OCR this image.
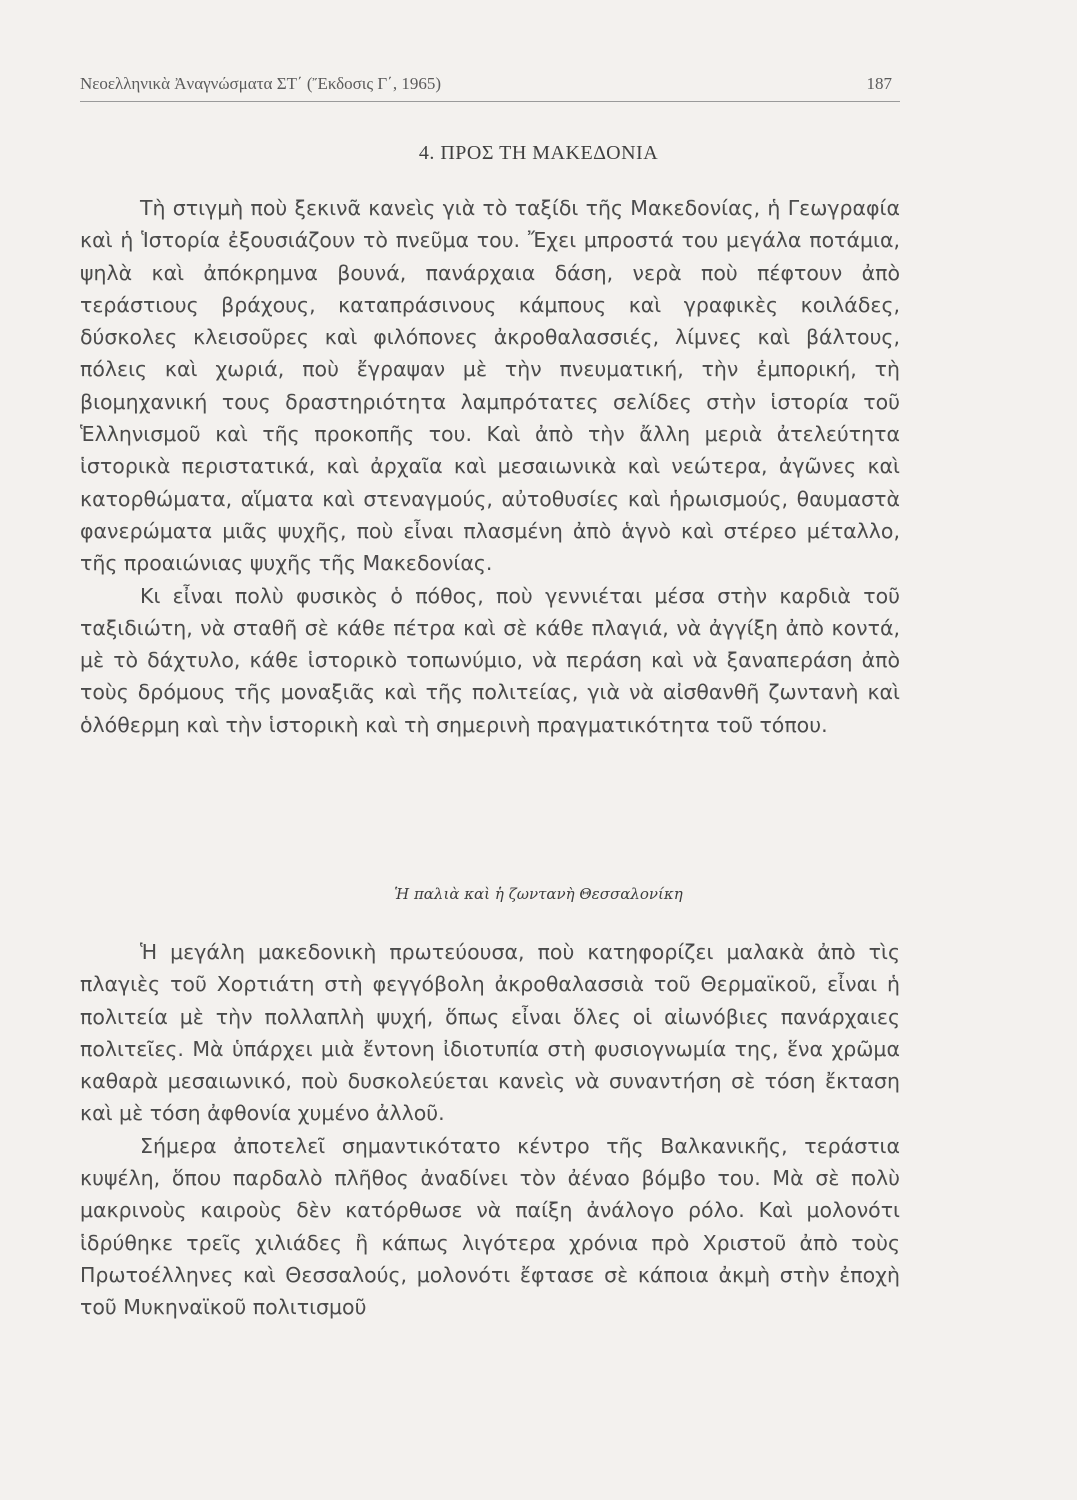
Νεοελληνικὰ Ἀναγνώσματα ΣΤ΄ (Ἔκδοσις Γ΄, 1965)	187
4. ΠΡΟΣ ΤΗ ΜΑΚΕΔΟΝΙΑ

Τὴ στιγμὴ ποὺ ξεκινᾶ κανεὶς γιὰ τὸ ταξίδι τῆς Μακεδονίας, ἡ Γεωγραφία καὶ ἡ Ἱστορία ἐξουσιάζουν τὸ πνεῦμα του. Ἔχει μπροστά του μεγάλα ποτάμια, ψηλὰ καὶ ἀπόκρημνα βουνά, πανάρχαια δάση, νερὰ ποὺ πέφτουν ἀπὸ τεράστιους βράχους, καταπράσινους κάμπους καὶ γραφικὲς κοιλάδες, δύσκολες κλεισοῦρες καὶ φιλόπονες ἀκροθαλασσιές, λίμνες καὶ βάλτους, πόλεις καὶ χωριά, ποὺ ἔγραψαν μὲ τὴν πνευματική, τὴν ἐμπορική, τὴ βιομηχανική τους δραστηριότητα λαμπρότατες σελίδες στὴν ἱστορία τοῦ Ἑλληνισμοῦ καὶ τῆς προκοπῆς του. Καὶ ἀπὸ τὴν ἄλλη μεριὰ ἀτελεύτητα ἱστορικὰ περιστατικά, καὶ ἀρχαῖα καὶ μεσαιωνικὰ καὶ νεώτερα, ἀγῶνες καὶ κατορθώματα, αἵματα καὶ στεναγμούς, αὐτοθυσίες καὶ ἡρωισμούς, θαυμαστὰ φανερώματα μιᾶς ψυχῆς, ποὺ εἶναι πλασμένη ἀπὸ ἁγνὸ καὶ στέρεο μέταλλο, τῆς προαιώνιας ψυχῆς τῆς Μακεδονίας.

Κι εἶναι πολὺ φυσικὸς ὁ πόθος, ποὺ γεννιέται μέσα στὴν καρδιὰ τοῦ ταξιδιώτη, νὰ σταθῆ σὲ κάθε πέτρα καὶ σὲ κάθε πλαγιά, νὰ ἀγγίξη ἀπὸ κοντά, μὲ τὸ δάχτυλο, κάθε ἱστορικὸ τοπωνύμιο, νὰ περάση καὶ νὰ ξαναπεράση ἀπὸ τοὺς δρόμους τῆς μοναξιᾶς καὶ τῆς πολιτείας, γιὰ νὰ αἰσθανθῆ ζωντανὴ καὶ ὁλόθερμη καὶ τὴν ἱστορικὴ καὶ τὴ σημερινὴ πραγματικότητα τοῦ τόπου.

Ἡ παλιὰ καὶ ἡ ζωντανὴ Θεσσαλονίκη

Ἡ μεγάλη μακεδονικὴ πρωτεύουσα, ποὺ κατηφορίζει μαλακὰ ἀπὸ τὶς πλαγιὲς τοῦ Χορτιάτη στὴ φεγγόβολη ἀκροθαλασσιὰ τοῦ Θερμαϊκοῦ, εἶναι ἡ πολιτεία μὲ τὴν πολλαπλὴ ψυχή, ὅπως εἶναι ὅλες οἱ αἰωνόβιες πανάρχαιες πολιτεῖες. Μὰ ὑπάρχει μιὰ ἔντονη ἰδιοτυπία στὴ φυσιογνωμία της, ἕνα χρῶμα καθαρὰ μεσαιωνικό, ποὺ δυσκολεύεται κανεὶς νὰ συναντήση σὲ τόση ἔκταση καὶ μὲ τόση ἀφθονία χυμένο ἀλλοῦ.

Σήμερα ἀποτελεῖ σημαντικότατο κέντρο τῆς Βαλκανικῆς, τεράστια κυψέλη, ὅπου παρδαλὸ πλῆθος ἀναδίνει τὸν ἀέναο βόμβο του. Μὰ σὲ πολὺ μακρινοὺς καιροὺς δὲν κατόρθωσε νὰ παίξη ἀνάλογο ρόλο. Καὶ μολονότι ἱδρύθηκε τρεῖς χιλιάδες ἢ κάπως λιγότερα χρόνια πρὸ Χριστοῦ ἀπὸ τοὺς Πρωτοέλληνες καὶ Θεσσαλούς, μολονότι ἔφτασε σὲ κάποια ἀκμὴ στὴν ἐποχὴ τοῦ Μυκηναϊκοῦ πολιτισμοῦ
